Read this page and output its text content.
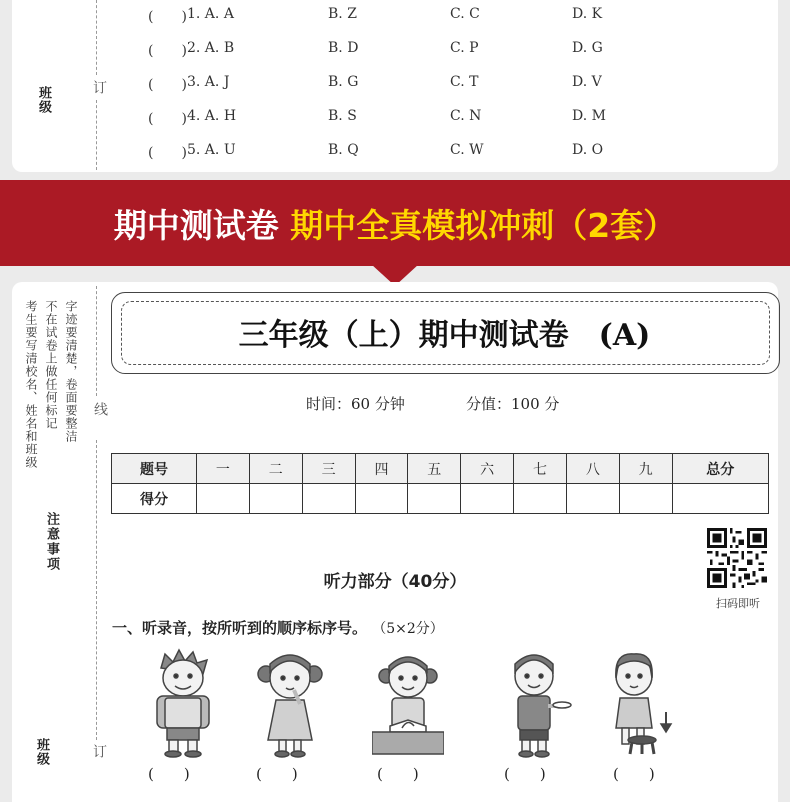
班级	订
(　　) 1. A. A	B. Z	C. C	D. K
(　　) 2. A. B	B. D	C. P	D. G
(　　) 3. A. J	B. G	C. T	D. V
(　　) 4. A. H	B. S	C. N	D. M
(　　) 5. A. U	B. Q	C. W	D. O
期中测试卷 期中全真模拟冲刺（2套）
考生要写清校名、姓名和班级 不在试卷上做任何标记 字迹要清楚，卷面要整洁 线
注意事项
班级	订
三年级（上）期中测试卷　(A)
时间：60 分钟	分值：100 分
题号	一	二	三	四	五	六	七	八	九	总分
得分										
听力部分（40分）
扫码即听
一、听录音，按所听到的顺序标序号。 （5×2分）
(　　)	(　　)	(　　)	(　　)	(　　)
